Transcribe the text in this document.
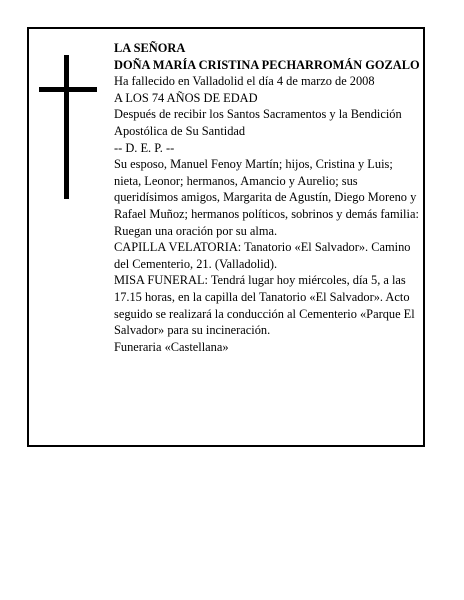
LA SEÑORA

DOÑA MARÍA CRISTINA PECHARROMÁN GOZALO

Ha fallecido en Valladolid el día 4 de marzo de 2008

A LOS 74 AÑOS DE EDAD

Después de recibir los Santos Sacramentos y la Bendición Apostólica de Su Santidad

-- D. E. P. --

Su esposo, Manuel Fenoy Martín; hijos, Cristina y Luis; nieta, Leonor; hermanos, Amancio y Aurelio; sus queridísimos amigos, Margarita de Agustín, Diego Moreno y Rafael Muñoz; hermanos políticos, sobrinos y demás familia:

Ruegan una oración por su alma.

CAPILLA VELATORIA: Tanatorio «El Salvador». Camino del Cementerio, 21. (Valladolid).

MISA FUNERAL: Tendrá lugar hoy miércoles, día 5, a las 17.15 horas, en la capilla del Tanatorio «El Salvador». Acto seguido se realizará la conducción al Cementerio «Parque El Salvador» para su incineración.

Funeraria «Castellana»
